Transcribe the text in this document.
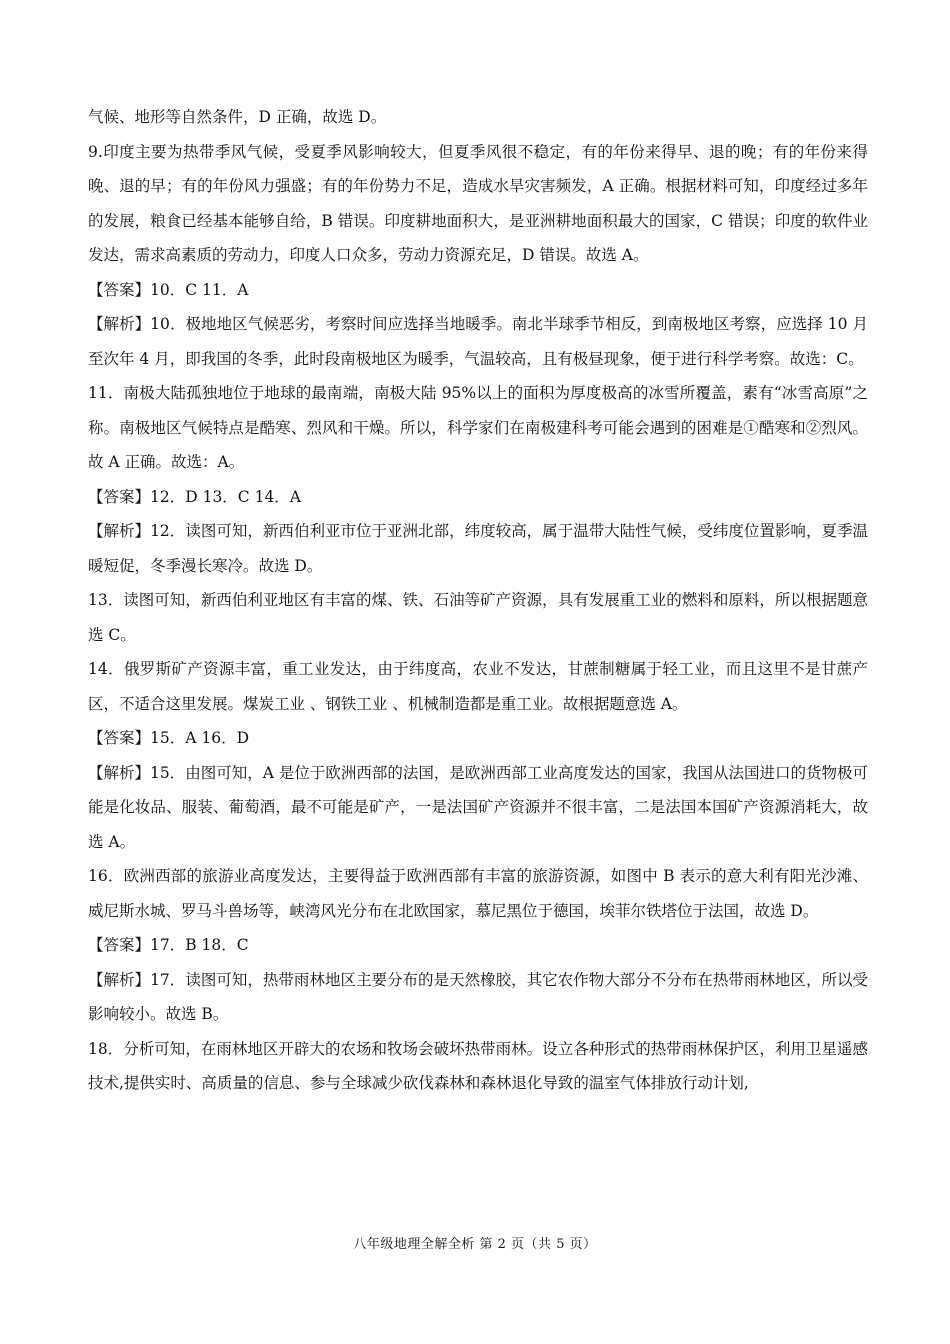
气候、地形等自然条件，D 正确，故选 D。

9.印度主要为热带季风气候，受夏季风影响较大，但夏季风很不稳定，有的年份来得早、退的晚；有的年份来得晚、退的早；有的年份风力强盛；有的年份势力不足，造成水旱灾害频发，A 正确。根据材料可知，印度经过多年的发展，粮食已经基本能够自给，B 错误。印度耕地面积大，是亚洲耕地面积最大的国家，C 错误；印度的软件业发达，需求高素质的劳动力，印度人口众多，劳动力资源充足，D 错误。故选 A。

【答案】10．C 11．A

【解析】10．极地地区气候恶劣，考察时间应选择当地暖季。南北半球季节相反，到南极地区考察，应选择 10 月至次年 4 月，即我国的冬季，此时段南极地区为暖季，气温较高，且有极昼现象，便于进行科学考察。故选：C。

11．南极大陆孤独地位于地球的最南端，南极大陆 95%以上的面积为厚度极高的冰雪所覆盖，素有“冰雪高原”之称。南极地区气候特点是酷寒、烈风和干燥。所以，科学家们在南极建科考可能会遇到的困难是①酷寒和②烈风。故 A 正确。故选：A。

【答案】12．D 13．C 14．A

【解析】12．读图可知，新西伯利亚市位于亚洲北部，纬度较高，属于温带大陆性气候，受纬度位置影响，夏季温暖短促，冬季漫长寒冷。故选 D。

13．读图可知，新西伯利亚地区有丰富的煤、铁、石油等矿产资源，具有发展重工业的燃料和原料，所以根据题意选 C。

14．俄罗斯矿产资源丰富，重工业发达，由于纬度高，农业不发达，甘蔗制糖属于轻工业，而且这里不是甘蔗产区，不适合这里发展。煤炭工业 、钢铁工业 、机械制造都是重工业。故根据题意选 A。

【答案】15．A 16．D

【解析】15．由图可知，A 是位于欧洲西部的法国，是欧洲西部工业高度发达的国家，我国从法国进口的货物极可能是化妆品、服装、葡萄酒，最不可能是矿产，一是法国矿产资源并不很丰富，二是法国本国矿产资源消耗大，故选 A。

16．欧洲西部的旅游业高度发达，主要得益于欧洲西部有丰富的旅游资源，如图中 B 表示的意大利有阳光沙滩、威尼斯水城、罗马斗兽场等，峡湾风光分布在北欧国家，慕尼黑位于德国，埃菲尔铁塔位于法国，故选 D。

【答案】17．B 18．C

【解析】17．读图可知，热带雨林地区主要分布的是天然橡胶，其它农作物大部分不分布在热带雨林地区，所以受影响较小。故选 B。

18．分析可知，在雨林地区开辟大的农场和牧场会破坏热带雨林。设立各种形式的热带雨林保护区，利用卫星遥感技术,提供实时、高质量的信息、参与全球减少砍伐森林和森林退化导致的温室气体排放行动计划,

八年级地理全解全析 第 2 页（共 5 页）
